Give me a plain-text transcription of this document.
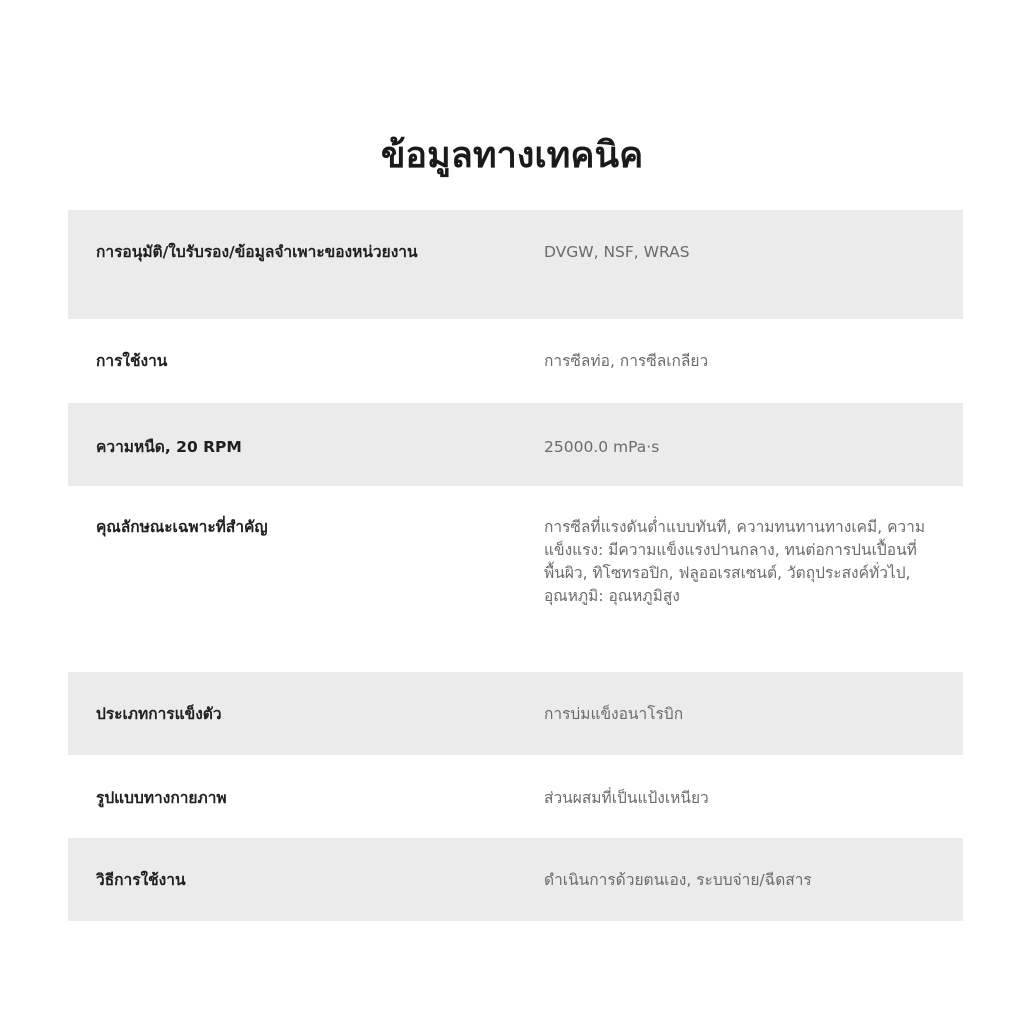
ข้อมูลทางเทคนิค
การอนุมัติ/ใบรับรอง/ข้อมูลจำเพาะของหน่วยงาน	DVGW, NSF, WRAS
การใช้งาน	การซีลท่อ, การซีลเกลียว
ความหนืด, 20 RPM	25000.0 mPa·s
คุณลักษณะเฉพาะที่สำคัญ	การซีลที่แรงดันต่ำแบบทันที, ความทนทานทางเคมี, ความแข็งแรง: มีความแข็งแรงปานกลาง, ทนต่อการปนเปื้อนที่พื้นผิว, ทิโซทรอปิก, ฟลูออเรสเซนต์, วัตถุประสงค์ทั่วไป, อุณหภูมิ: อุณหภูมิสูง
ประเภทการแข็งตัว	การบ่มแข็งอนาโรบิก
รูปแบบทางกายภาพ	ส่วนผสมที่เป็นแป้งเหนียว
วิธีการใช้งาน	ดำเนินการด้วยตนเอง, ระบบจ่าย/ฉีดสาร
